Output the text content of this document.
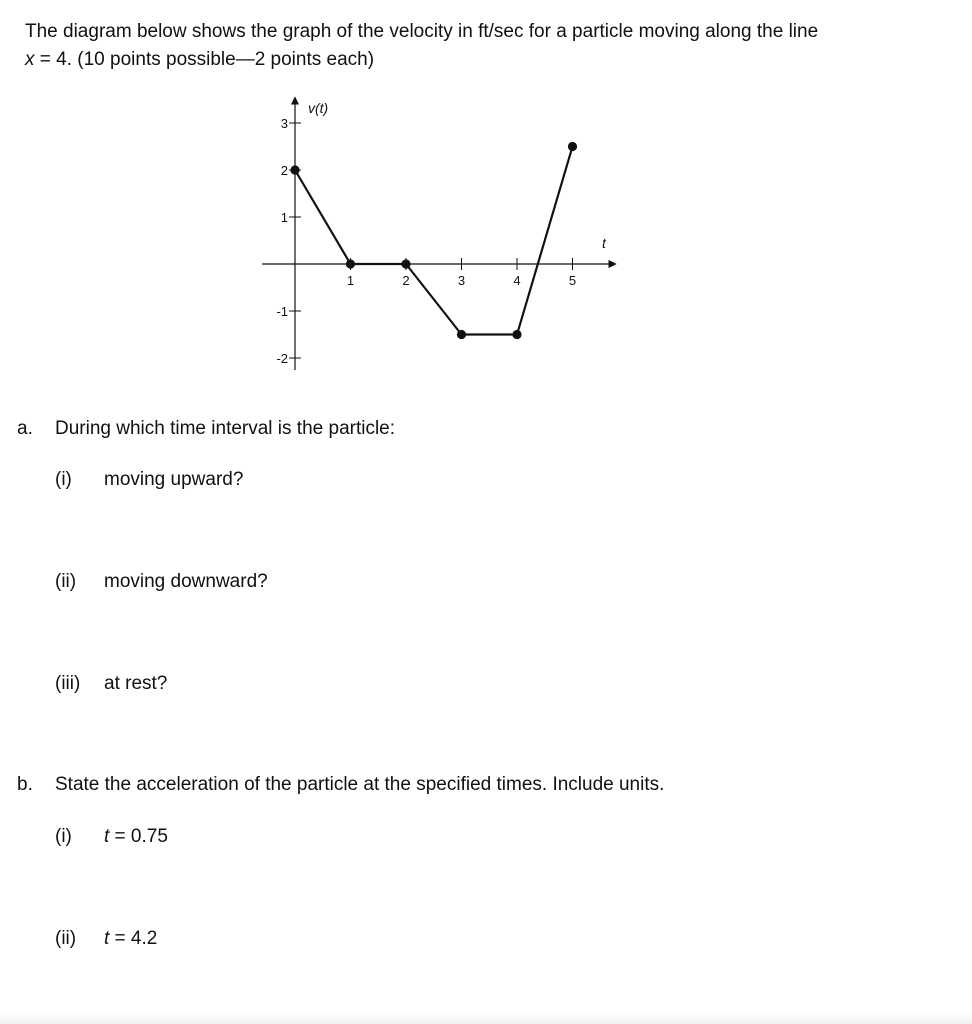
The diagram below shows the graph of the velocity in ft/sec for a particle moving along the line
x = 4. (10 points possible—2 points each)
v(t)
t
1	2	3	4	5
3
2
1
-1
-2
a. During which time interval is the particle:
(i) moving upward?
(ii) moving downward?
(iii) at rest?
b. State the acceleration of the particle at the specified times. Include units.
(i) t = 0.75
(ii) t = 4.2
